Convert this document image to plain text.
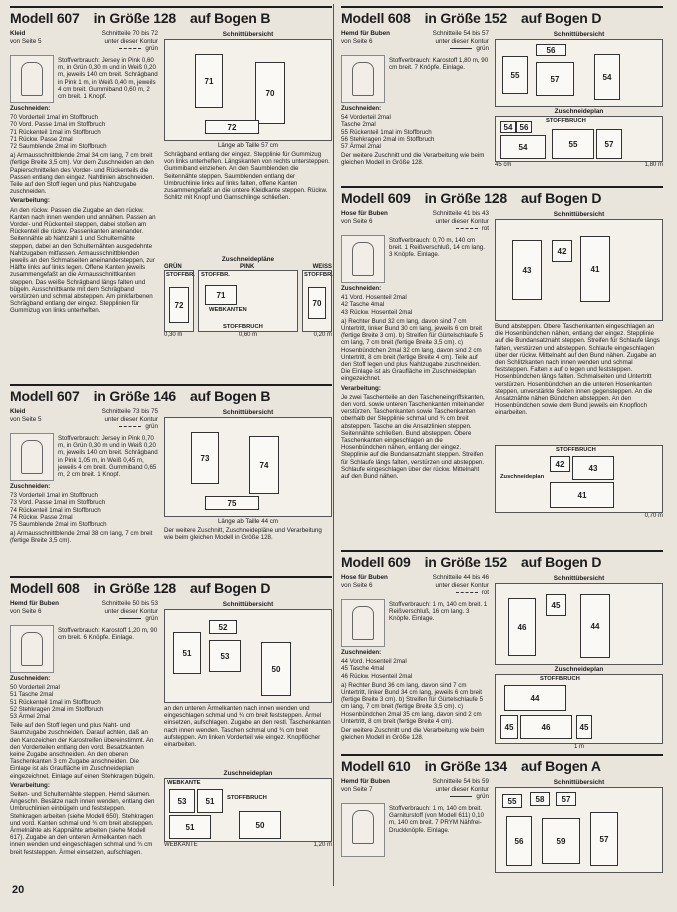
Modell 607 in Größe 128 auf Bogen B
Kleid
von Seite 5
Schnitteile 70 bis 72
unter dieser Kontur
grün
Stoffverbrauch: Jersey in Pink 0,60 m, in Grün 0,30 m und in Weiß 0,20 m, jeweils 140 cm breit. Schrägband in Pink 1 m, in Weiß 0,40 m, jeweils 4 cm breit. Gummiband 0,60 m, 2 cm breit. 1 Knopf.
Zuschneiden:
70 Vorderteil 1mal im Stoffbruch
70 Vord. Passe 1mal im Stoffbruch
71 Rückenteil 1mal im Stoffbruch
71 Rückw. Passe 2mal
72 Saumblende 2mal im Stoffbruch
a) Armausschnittblende 2mal 34 cm lang, 7 cm breit (fertige Breite 3,5 cm). Vor dem Zuschneiden an den Papierschnitteilen des Vorder- und Rückenteils die Passen entlang den eingez. Nahtlinien abschneiden. Teile auf den Stoff legen und plus Nahtzugabe zuschneiden.
Verarbeitung:
An den rückw. Passen die Zugabe an den rückw. Kanten nach innen wenden und annähen. Passen an Vorder- und Rückenteil steppen, dabei stoßen am Rückenteil die rückw. Passenkanten aneinander. Seitennähte ab Nahtzahl 1 und Schulternähte steppen, dabei an den Schulternähten ausgedehnte Nahtzugaben mitfassen. Armausschnittblenden jeweils an den Schmalseiten aneinandersteppen, zur Hälfte links auf links legen. Offene Kanten jeweils zusammengefaßt an die Armausschnittkanten steppen. Das weiße Schrägband längs falten und bügeln. Ausschnittkante mit dem Schrägband verstürzen und schmal absteppen. Am pinkfarbenen Schrägband entlang der eingez. Stepplinien für Gummizug von links unterheften.
Schnittübersicht
71
70
72
Länge ab Taille 57 cm
Schrägband entlang der eingez. Stepplinie für Gummizug von links unterheften. Längskanten von rechts untersteppen. Gummiband einziehen. An den Saumblenden die Seitennähte steppen. Saumblenden entlang der Umbruchlinie links auf links falten, offene Kanten zusammengefaßt an die untere Kleidkante steppen. Rückw. Schlitz mit Knopf und Garnschlinge schließen.
Zuschneidepläne
GRÜN	PINK	WEISS
STOFFBR.
72
STOFFBR.
71
WEBKANTEN
STOFFBRUCH
STOFFBR.
70
0,30 m	0,60 m	0,20 m
Modell 607 in Größe 146 auf Bogen B
Kleid
von Seite 5
Schnitteile 73 bis 75
unter dieser Kontur
grün
Stoffverbrauch: Jersey in Pink 0,70 m, in Grün 0,30 m und in Weiß 0,20 m, jeweils 140 cm breit. Schrägband in Pink 1,05 m, in Weiß 0,45 m, jeweils 4 cm breit. Gummiband 0,65 m, 2 cm breit. 1 Knopf.
Zuschneiden:
73 Vorderteil 1mal im Stoffbruch
73 Vord. Passe 1mal im Stoffbruch
74 Rückenteil 1mal im Stoffbruch
74 Rückw. Passe 2mal
75 Saumblende 2mal im Stoffbruch
a) Armausschnittblende 2mal 38 cm lang, 7 cm breit (fertige Breite 3,5 cm).
Schnittübersicht
73
74
75
Länge ab Taille 44 cm
Der weitere Zuschnitt, Zuschneidepläne und Verarbeitung wie beim gleichen Modell in Größe 128.
Modell 608 in Größe 128 auf Bogen D
Hemd für Buben
von Seite 6
Schnitteile 50 bis 53
unter dieser Kontur
grün
Stoffverbrauch: Karostoff 1,20 m, 90 cm breit. 6 Knöpfe. Einlage.
Zuschneiden:
50 Vorderteil 2mal
51 Tasche 2mal
51 Rückenteil 1mal im Stoffbruch
52 Stehkragen 2mal im Stoffbruch
53 Ärmel 2mal
Teile auf den Stoff legen und plus Naht- und Saumzugabe zuschneiden. Darauf achten, daß an den Karozeichen der Karostreifen übereinstimmt. An den Vorderteilen entlang den vord. Besatzkanten keine Zugabe anschneiden. An den oberen Taschenkanten 3 cm Zugabe anschneiden. Die Einlage ist als Graufläche im Zuschneideplan eingezeichnet. Einlage auf einen Stehkragen bügeln.
Verarbeitung:
Seiten- und Schulternähte steppen. Hemd säumen. Angeschn. Besätze nach innen wenden, entlang den Umbruchlinien einbügeln und feststeppen. Stehkragen arbeiten (siehe Modell 650). Stehkragen und vord. Kanten schmal und ¾ cm breit absteppen. Ärmelnähte als Kappnähte arbeiten (siehe Modell 617). Zugabe an den unteren Ärmelkanten nach innen wenden und eingeschlagen schmal und ¾ cm breit feststeppen. Ärmel einsetzen, aufschlagen.
Schnittübersicht
51
52
53
50
an den unteren Ärmelkanten nach innen wenden und eingeschlagen schmal und ¾ cm breit feststeppen. Ärmel einsetzen, aufschlagen. Zugabe an den restl. Taschenkanten nach innen wenden. Taschen schmal und ¾ cm breit aufsteppen. Am linken Vorderteil wie eingez. Knopflöcher einarbeiten.
Zuschneideplan
WEBKANTE
53	51	STOFFBRUCH
51	50
WEBKANTE	1,20 m
Modell 608 in Größe 152 auf Bogen D
Hemd für Buben
von Seite 6
Schnitteile 54 bis 57
unter dieser Kontur
grün
Stoffverbrauch: Karostoff 1,80 m, 90 cm breit. 7 Knöpfe. Einlage.
Zuschneiden:
54 Vorderteil 2mal
Tasche 2mal
55 Rückenteil 1mal im Stoffbruch
56 Stehkragen 2mal im Stoffbruch
57 Ärmel 2mal
Der weitere Zuschnitt und die Verarbeitung wie beim gleichen Modell in Größe 128.
Schnittübersicht
56
55	57	54
Zuschneideplan
STOFFBRUCH
54 56
54	55	57
45 cm	1,80 m
Modell 609 in Größe 128 auf Bogen D
Hose für Buben
von Seite 6
Schnitteile 41 bis 43
unter dieser Kontur
rot
Stoffverbrauch: 0,70 m, 140 cm breit. 1 Reißverschluß, 14 cm lang. 3 Knöpfe. Einlage.
Zuschneiden:
41 Vord. Hosenteil 2mal
42 Tasche 4mal
43 Rückw. Hosenteil 2mal
a) Rechter Bund 32 cm lang, davon sind 7 cm Untertritt, linker Bund 30 cm lang, jeweils 6 cm breit (fertige Breite 3 cm). b) Streifen für Gürtelschlaufe 5 cm lang, 7 cm breit (fertige Breite 3,5 cm). c) Hosenbündchen 2mal 32 cm lang, davon sind 2 cm Untertritt, 8 cm breit (fertige Breite 4 cm). Teile auf den Stoff legen und plus Nahtzugabe zuschneiden. Die Einlage ist als Graufläche im Zuschneideplan eingezeichnet.
Verarbeitung:
Je zwei Taschenteile an den Tascheneingriffskanten, den vord. sowie unteren Taschenkanten miteinander verstürzen. Taschenkanten sowie Taschenkanten oberhalb der Stepplinie schmal und ¾ cm breit absteppen. Tasche an die Ansatzlinien steppen. Seitennähte schließen. Bund absteppen. Obere Taschenkanten eingeschlagen an die Hosenbündchen nähen, entlang der eingez. Stepplinie auf die Bundansatznaht steppen. Streifen für Schlaufe längs falten, verstürzen und absteppen. Schlaufe eingeschlagen über der rückw. Mittelnaht auf den Bund nähen.
Schnittübersicht
43
42
41
Bund absteppen. Obere Taschenkanten eingeschlagen an die Hosenbündchen nähen, entlang der eingez. Stepplinie auf die Bundansatznaht steppen. Streifen für Schlaufe längs falten, verstürzen und absteppen. Schlaufe eingeschlagen über der rückw. Mittelnaht auf den Bund nähen. Zugabe an den Schlitzkanten nach innen wenden und schmal feststeppen. Falten x auf o legen und feststeppen. Hosenbündchen längs falten. Schmalseiten und Untertritt verstürzen. Hosenbündchen an die unteren Hosenkanten steppen, unverstärkte Seiten innen gegensteppen. An die Ansatznähte nähen Bündchen absteppen. An den Hosenbündchen sowie dem Bund jeweils ein Knopfloch einarbeiten.
STOFFBRUCH
42	43
41
Zuschneideplan
0,70 m
Modell 609 in Größe 152 auf Bogen D
Hose für Buben
von Seite 6
Schnitteile 44 bis 46
unter dieser Kontur
rot
Stoffverbrauch: 1 m, 140 cm breit. 1 Reißverschluß, 16 cm lang. 3 Knöpfe. Einlage.
Zuschneiden:
44 Vord. Hosenteil 2mal
45 Tasche 4mal
46 Rückw. Hosenteil 2mal
a) Rechter Bund 36 cm lang, davon sind 7 cm Untertritt, linker Bund 34 cm lang, jeweils 6 cm breit (fertige Breite 3 cm). b) Streifen für Gürtelschlaufe 5 cm lang, 7 cm breit (fertige Breite 3,5 cm). c) Hosenbündchen 2mal 35 cm lang, davon sind 2 cm Untertritt, 8 cm breit (fertige Breite 4 cm).
Der weitere Zuschnitt und die Verarbeitung wie beim gleichen Modell in Größe 128.
Schnittübersicht
46
45
44
Zuschneideplan
STOFFBRUCH
44
45	46	45
1 m
Modell 610 in Größe 134 auf Bogen A
Hemd für Buben
von Seite 7
Schnitteile 54 bis 59
unter dieser Kontur
grün
Stoffverbrauch: 1 m, 140 cm breit. Garniturstoff (von Modell 611) 0,10 m, 140 cm breit. 7 PRYM Nähfrei-Druckknöpfe. Einlage.
Schnittübersicht
55	58	57
56	59	57
20
